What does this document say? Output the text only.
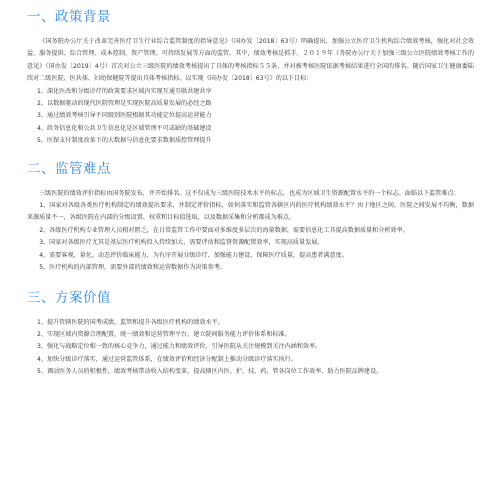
一、政策背景

《国务院办公厅关于改革完善医疗卫生行业综合监管制度的指导意见》（国办发〔2018〕63号）明确提出，加强公立医疗卫生机构综合绩效考核，强化对社会效益、服务提供、综合管理、成本控制、资产管理、可持续发展等方面的监管。其中，绩效考核是抓手。２０１９年《务院办公厅关于加强三级公立医院绩效考核工作的意见》（国办发〔2019〕4号）首次对公立三级医院的绩效考核提出了具体的考核指标５５条，并对被考核医院依据考核结果进行全国的排名。随后国家卫生健康委陆续对二级医院、医共体、妇幼保健院等提出具体考核指标。以实现《国办发〔2018〕63号》的以下目标：

1、深化医改和分级诊疗的政策要求区域内实现互通互联共建共享
2、以数据驱动的现代医院管理是实现医院高质量发展的必经之路
3、通过绩效考核引导不同级别医院根据其功能定位提高运营能力
4、政务信息化和公共卫生信息化是区域管理不可或缺的基础建设
5、医保支付制度改革下的大数据与信息化要求数据质控管理提升
二、监管难点

三级医院的绩效评价指标由国务院发布，并开始排名。这不仅成为三级医院技术水平的标志，也成为区域卫生资源配置水平的一个标志。面临以下监管难点：

1、国家对各级各类医疗机构制定的绩效提出要求，并制定评价指标，如何落实和监管各辖区内的医疗机构绩效水平？由于地区之间、医院之间发展不均衡，数据来源质量不一，各级医院在内部的分级设置、权重和目标值选取，以及数据采集和分析都成为难点。

2、各级医疗机构专业管理人员相对匮乏，在日常监管工作中要面对多维度多层次的海量数据，需要信息化工具提高数据质量和分析效率。

3、国家对各级医疗尤其是基层医疗机构投入持续加大，需要评估和监督资源配置效率，实现高质量发展。

4、需要客观、量化、动态评价临床能力，为有序开展分级诊疗、加强能力建设，保障医疗质量，提高患者满意度。

5、医疗机构的内部管理，需要外部的绩效和运营数据作为决策参考。

三、方案价值
1、提升管辖医院的国考成绩，监管和提升各级医疗机构的绩效水平。
2、实现区域内资源合理配置，统一绩效和运营管理平台，建立院间服务能力评价体系和标准。
3、强化与战略定位相一致的核心竞争力，通过能力和绩效评价，引导医院从关注规模到关注内涵和效率。
4、加快分级诊疗落实，通过运营监管体系，在绩效评价和经济分配制上推动分级诊疗落实执行。
5、调动医务人员的积极性，绩效考核带动收入结构变革，提高辖区内医、护、技、药、管各岗位工作效率，助力医院品牌建设。
